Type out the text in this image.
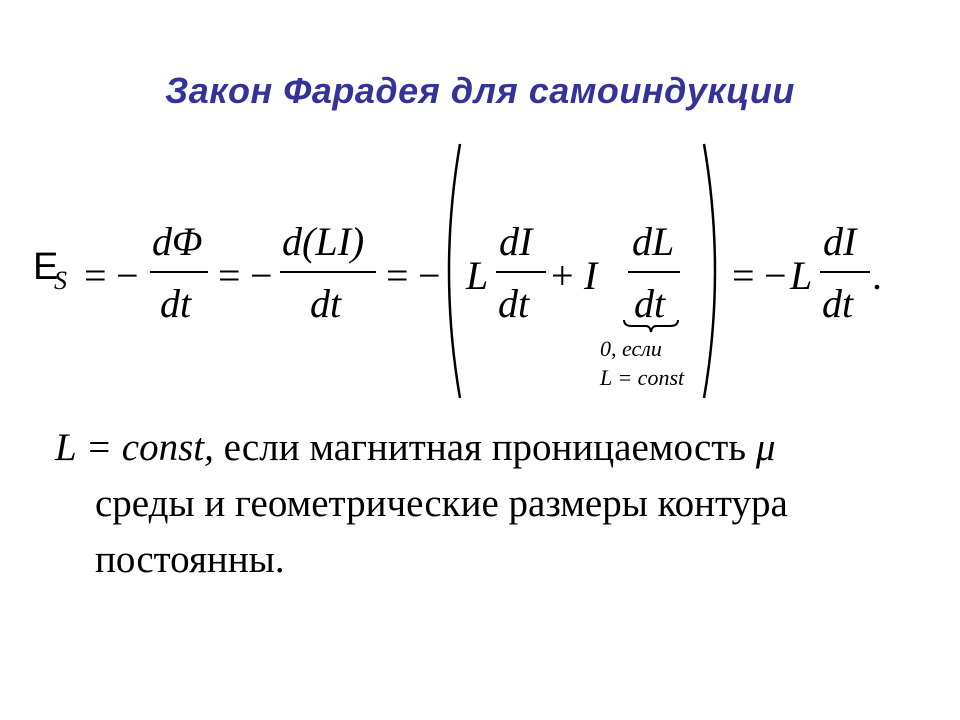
Закон Фарадея для самоиндукции
E
S = −
dΦ
dt
= −
d(LI)
dt
= − L
dI
dt
+ I
dL
dt
0, если
L = const
= − L
dI
dt
.
L = const, если магнитная проницаемость μ
среды и геометрические размеры контура
постоянны.
